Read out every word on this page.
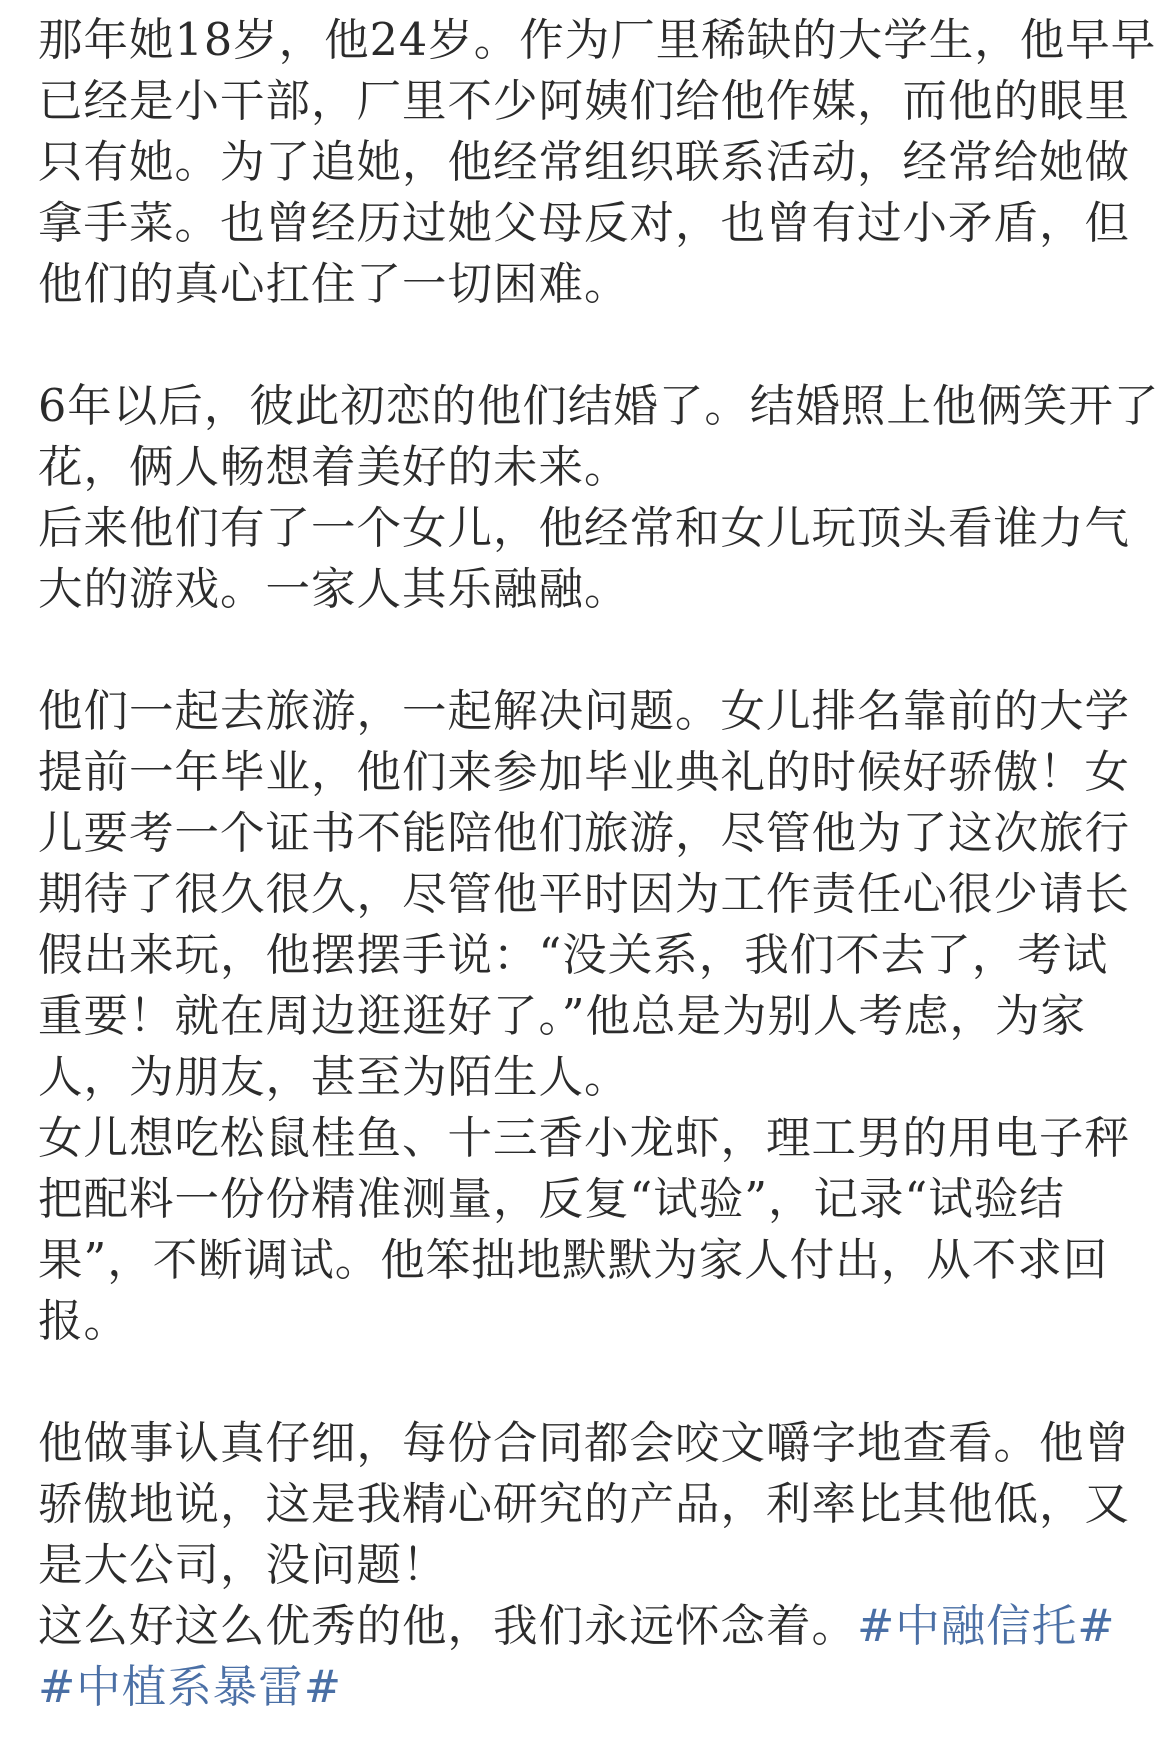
那年她18岁，他24岁。作为厂里稀缺的大学生，他早早
已经是小干部，厂里不少阿姨们给他作媒，而他的眼里
只有她。为了追她，他经常组织联系活动，经常给她做
拿手菜。也曾经历过她父母反对，也曾有过小矛盾，但
他们的真心扛住了一切困难。
6年以后，彼此初恋的他们结婚了。结婚照上他俩笑开了
花，俩人畅想着美好的未来。
后来他们有了一个女儿，他经常和女儿玩顶头看谁力气
大的游戏。一家人其乐融融。
他们一起去旅游，一起解决问题。女儿排名靠前的大学
提前一年毕业，他们来参加毕业典礼的时候好骄傲！女
儿要考一个证书不能陪他们旅游，尽管他为了这次旅行
期待了很久很久，尽管他平时因为工作责任心很少请长
假出来玩，他摆摆手说：“没关系，我们不去了，考试
重要！就在周边逛逛好了。”他总是为别人考虑，为家
人，为朋友，甚至为陌生人。
女儿想吃松鼠桂鱼、十三香小龙虾，理工男的用电子秤
把配料一份份精准测量，反复“试验”，记录“试验结
果”，不断调试。他笨拙地默默为家人付出，从不求回
报。
他做事认真仔细，每份合同都会咬文嚼字地查看。他曾
骄傲地说，这是我精心研究的产品，利率比其他低，又
是大公司，没问题！
这么好这么优秀的他，我们永远怀念着。#中融信托#
#中植系暴雷#
